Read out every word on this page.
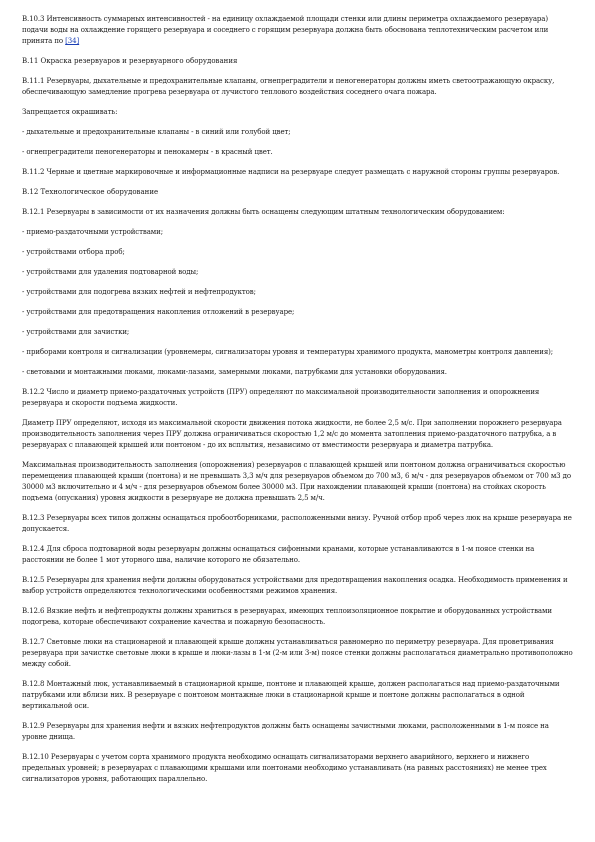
В.10.3 Интенсивность суммарных интенсивностей - на единицу охлаждаемой площади стенки или длины периметра охлаждаемого резервуара) подачи воды на охлаждение горящего резервуара и соседнего с горящим резервуара должна быть обоснована теплотехническим расчетом или принята по [34]

В.11 Окраска резервуаров и резервуарного оборудования

В.11.1 Резервуары, дыхательные и предохранительные клапаны, огнепреградители и пеногенераторы должны иметь светоотражающую окраску, обеспечивающую замедление прогрева резервуара от лучистого теплового воздействия соседнего очага пожара.

Запрещается окрашивать:

- дыхательные и предохранительные клапаны - в синий или голубой цвет;

- огнепреградители пеногенераторы и пенокамеры - в красный цвет.

В.11.2 Черные и цветные маркировочные и информационные надписи на резервуаре следует размещать с наружной стороны группы резервуаров.

В.12 Технологическое оборудование

В.12.1 Резервуары в зависимости от их назначения должны быть оснащены следующим штатным технологическим оборудованием:

- приемо-раздаточными устройствами;

- устройствами отбора проб;

- устройствами для удаления подтоварной воды;

- устройствами для подогрева вязких нефтей и нефтепродуктов;

- устройствами для предотвращения накопления отложений в резервуаре;

- устройствами для зачистки;

- приборами контроля и сигнализации (уровнемеры, сигнализаторы уровня и температуры хранимого продукта, манометры контроля давления);

- световыми и монтажными люками, люками-лазами, замерными люками, патрубками для установки оборудования.

В.12.2 Число и диаметр приемо-раздаточных устройств (ПРУ) определяют по максимальной производительности заполнения и опорожнения резервуара и скорости подъема жидкости.

Диаметр ПРУ определяют, исходя из максимальной скорости движения потока жидкости, не более 2,5 м/с. При заполнении порожнего резервуара производительность заполнения через ПРУ должна ограничиваться скоростью 1,2 м/с до момента затопления приемо-раздаточного патрубка, а в резервуарах с плавающей крышей или понтоном - до их всплытия, независимо от вместимости резервуара и диаметра патрубка.

Максимальная производительность заполнения (опорожнения) резервуаров с плавающей крышей или понтоном должна ограничиваться скоростью перемещения плавающей крыши (понтона) и не превышать 3,3 м/ч для резервуаров объемом до 700 м3, 6 м/ч - для резервуаров объемом от 700 м3 до 30000 м3 включительно и 4 м/ч - для резервуаров объемом более 30000 м3. При нахождении плавающей крыши (понтона) на стойках скорость подъема (опускания) уровня жидкости в резервуаре не должна превышать 2,5 м/ч.

В.12.3 Резервуары всех типов должны оснащаться пробоотборниками, расположенными внизу. Ручной отбор проб через люк на крыше резервуара не допускается.

В.12.4 Для сброса подтоварной воды резервуары должны оснащаться сифонными кранами, которые устанавливаются в 1-м поясе стенки на расстоянии не более 1 мот уторного шва, наличие которого не обязательно.

В.12.5 Резервуары для хранения нефти должны оборудоваться устройствами для предотвращения накопления осадка. Необходимость применения и выбор устройств определяются технологическими особенностями режимов хранения.

В.12.6 Вязкие нефть и нефтепродукты должны храниться в резервуарах, имеющих теплоизоляционное покрытие и оборудованных устройствами подогрева, которые обеспечивают сохранение качества и пожарную безопасность.

В.12.7 Световые люки на стационарной и плавающей крыше должны устанавливаться равномерно по периметру резервуара. Для проветривания резервуара при зачистке световые люки в крыше и люки-лазы в 1-м (2-м или 3-м) поясе стенки должны располагаться диаметрально противоположно между собой.

В.12.8 Монтажный люк, устанавливаемый в стационарной крыше, понтоне и плавающей крыше, должен располагаться над приемо-раздаточными патрубками или вблизи них. В резервуаре с понтоном монтажные люки в стационарной крыше и понтоне должны располагаться в одной вертикальной оси.

В.12.9 Резервуары для хранения нефти и вязких нефтепродуктов должны быть оснащены зачистными люками, расположенными в 1-м поясе на уровне днища.

В.12.10 Резервуары с учетом сорта хранимого продукта необходимо оснащать сигнализаторами верхнего аварийного, верхнего и нижнего предельных уровней; в резервуарах с плавающими крышами или понтонами необходимо устанавливать (на равных расстояниях) не менее трех сигнализаторов уровня, работающих параллельно.
